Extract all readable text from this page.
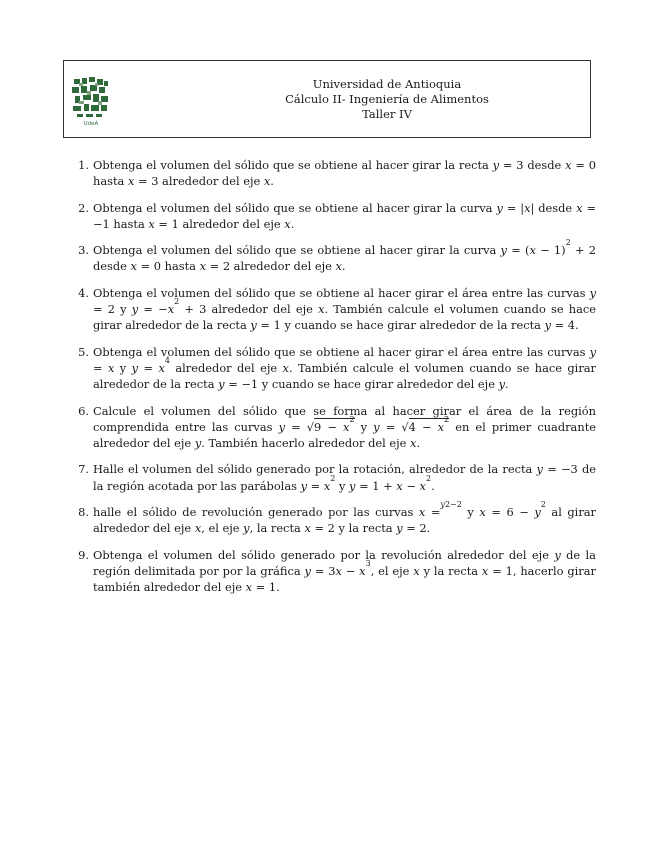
UdeA
Universidad de Antioquia
Cálculo II- Ingeniería de Alimentos
Taller IV
1. Obtenga el volumen del sólido que se obtiene al hacer girar la recta y = 3 desde x = 0 hasta x = 3 alrededor del eje x.
2. Obtenga el volumen del sólido que se obtiene al hacer girar la curva y = |x| desde x = −1 hasta x = 1 alrededor del eje x.
3. Obtenga el volumen del sólido que se obtiene al hacer girar la curva $y = (x - 1)^2 + 2$ desde x = 0 hasta x = 2 alrededor del eje x.
4. Obtenga el volumen del sólido que se obtiene al hacer girar el área entre las curvas y = 2 y $y = -x^2 + 3$ alrededor del eje x. También calcule el volumen cuando se hace girar alrededor de la recta y = 1 y cuando se hace girar alrededor de la recta y = 4.
5. Obtenga el volumen del sólido que se obtiene al hacer girar el área entre las curvas y = x y $y = x^4$ alrededor del eje x. También calcule el volumen cuando se hace girar alrededor de la recta y = −1 y cuando se hace girar alrededor del eje y.
6. Calcule el volumen del sólido que se forma al hacer girar el área de la región comprendida entre las curvas $y = √9 - x^2$ y $y = √4 - x^2$ en el primer cuadrante alrededor del eje y. También hacerlo alrededor del eje x.
7. Halle el volumen del sólido generado por la rotación, alrededor de la recta y = −3 de la región acotada por las parábolas $y = x^2$ y $y = 1 + x - x^2$.
8. halle el sólido de revolución generado por las curvas x =$^{y2-2}$ y $x = 6 - y^2$ al girar alrededor del eje x, el eje y, la recta x = 2 y la recta y = 2.
9. Obtenga el volumen del sólido generado por la revolución alrededor del eje y de la región delimitada por por la gráfica $y = 3x - x^3$, el eje x y la recta x = 1, hacerlo girar también alrededor del eje x = 1.
